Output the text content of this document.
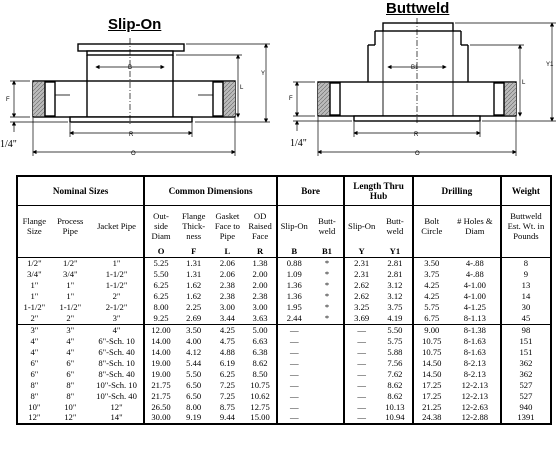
Slip-On
Buttweld
B
R
O
Y
L
F
1/4"
B1
R
O
Y1
L
F
1/4"
Nominal Sizes			Common Dimensions				Bore		Length Thru Hub		Drilling		Weight
Flange Size	Process Pipe	Jacket Pipe	Out-side Diam	Flange Thick-ness	Gasket Face to Pipe	OD Raised Face	Slip-On	Butt-weld	Slip-On	Butt-weld	Bolt Circle	# Holes & Diam	Buttweld Est. Wt. in Pounds
			O	F	L	R	B	B1	Y	Y1			
1/2"	1/2"	1"	5.25	1.31	2.06	1.38	0.88	*	2.31	2.81	3.50	4-.88	8
3/4"	3/4"	1-1/2"	5.50	1.31	2.06	2.00	1.09	*	2.31	2.81	3.75	4-.88	9
1"	1"	1-1/2"	6.25	1.62	2.38	2.00	1.36	*	2.62	3.12	4.25	4-1.00	13
1"	1"	2"	6.25	1.62	2.38	2.38	1.36	*	2.62	3.12	4.25	4-1.00	14
1-1/2"	1-1/2"	2-1/2"	8.00	2.25	3.00	3.00	1.95	*	3.25	3.75	5.75	4-1.25	30
2"	2"	3"	9.25	2.69	3.44	3.63	2.44	*	3.69	4.19	6.75	8-1.13	45
3"	3"	4"	12.00	3.50	4.25	5.00	—		—	5.50	9.00	8-1.38	98
4"	4"	6"-Sch. 10	14.00	4.00	4.75	6.63	—		—	5.75	10.75	8-1.63	151
4"	4"	6"-Sch. 40	14.00	4.12	4.88	6.38	—		—	5.88	10.75	8-1.63	151
6"	6"	8"-Sch. 10	19.00	5.44	6.19	8.62	—		—	7.56	14.50	8-2.13	362
6"	6"	8"-Sch. 40	19.00	5.50	6.25	8.50	—		—	7.62	14.50	8-2.13	362
8"	8"	10"-Sch. 10	21.75	6.50	7.25	10.75	—		—	8.62	17.25	12-2.13	527
8"	8"	10"-Sch. 40	21.75	6.50	7.25	10.62	—		—	8.62	17.25	12-2.13	527
10"	10"	12"	26.50	8.00	8.75	12.75	—		—	10.13	21.25	12-2.63	940
12"	12"	14"	30.00	9.19	9.44	15.00	—		—	10.94	24.38	12-2.88	1391
